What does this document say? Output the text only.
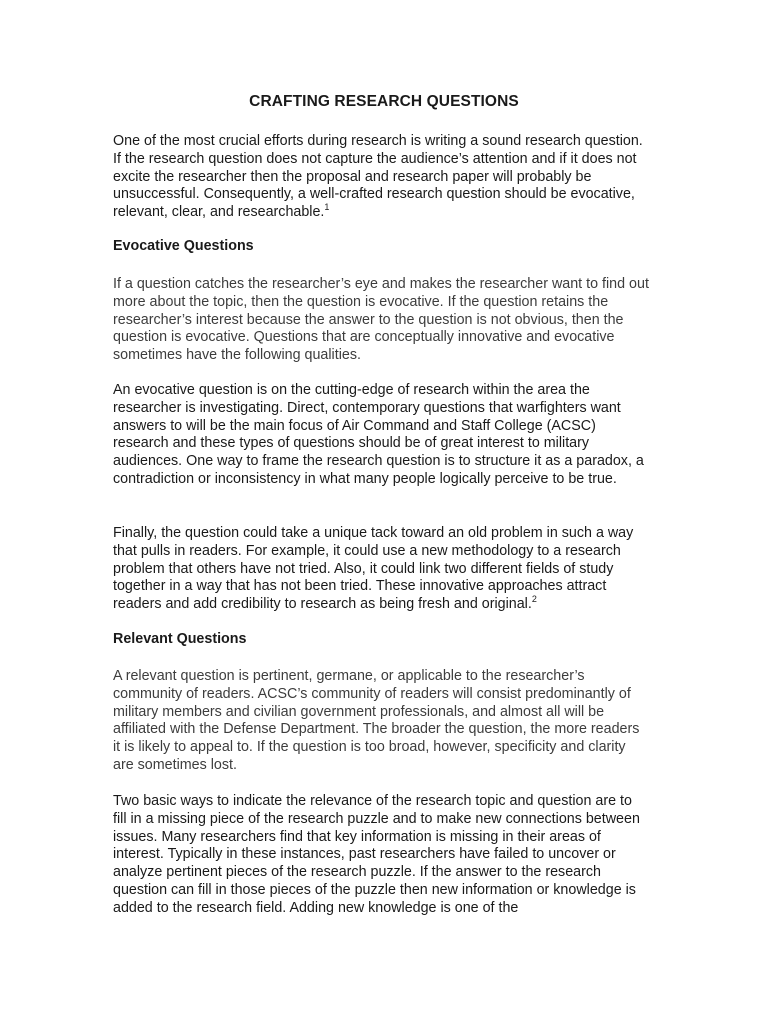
CRAFTING RESEARCH QUESTIONS

One of the most crucial efforts during research is writing a sound research question. If the research question does not capture the audience’s attention and if it does not excite the researcher then the proposal and research paper will probably be unsuccessful. Consequently, a well-crafted research question should be evocative, relevant, clear, and researchable.$^1$

Evocative Questions

If a question catches the researcher’s eye and makes the researcher want to find out more about the topic, then the question is evocative. If the question retains the researcher’s interest because the answer to the question is not obvious, then the question is evocative. Questions that are conceptually innovative and evocative sometimes have the following qualities.

An evocative question is on the cutting-edge of research within the area the researcher is investigating. Direct, contemporary questions that warfighters want answers to will be the main focus of Air Command and Staff College (ACSC) research and these types of questions should be of great interest to military audiences. One way to frame the research question is to structure it as a paradox, a contradiction or inconsistency in what many people logically perceive to be true.

Finally, the question could take a unique tack toward an old problem in such a way that pulls in readers. For example, it could use a new methodology to a research problem that others have not tried. Also, it could link two different fields of study together in a way that has not been tried. These innovative approaches attract readers and add credibility to research as being fresh and original.$^2$

Relevant Questions

A relevant question is pertinent, germane, or applicable to the researcher’s community of readers. ACSC’s community of readers will consist predominantly of military members and civilian government professionals, and almost all will be affiliated with the Defense Department. The broader the question, the more readers it is likely to appeal to. If the question is too broad, however, specificity and clarity are sometimes lost.

Two basic ways to indicate the relevance of the research topic and question are to fill in a missing piece of the research puzzle and to make new connections between issues. Many researchers find that key information is missing in their areas of interest. Typically in these instances, past researchers have failed to uncover or analyze pertinent pieces of the research puzzle. If the answer to the research question can fill in those pieces of the puzzle then new information or knowledge is added to the research field. Adding new knowledge is one of the
